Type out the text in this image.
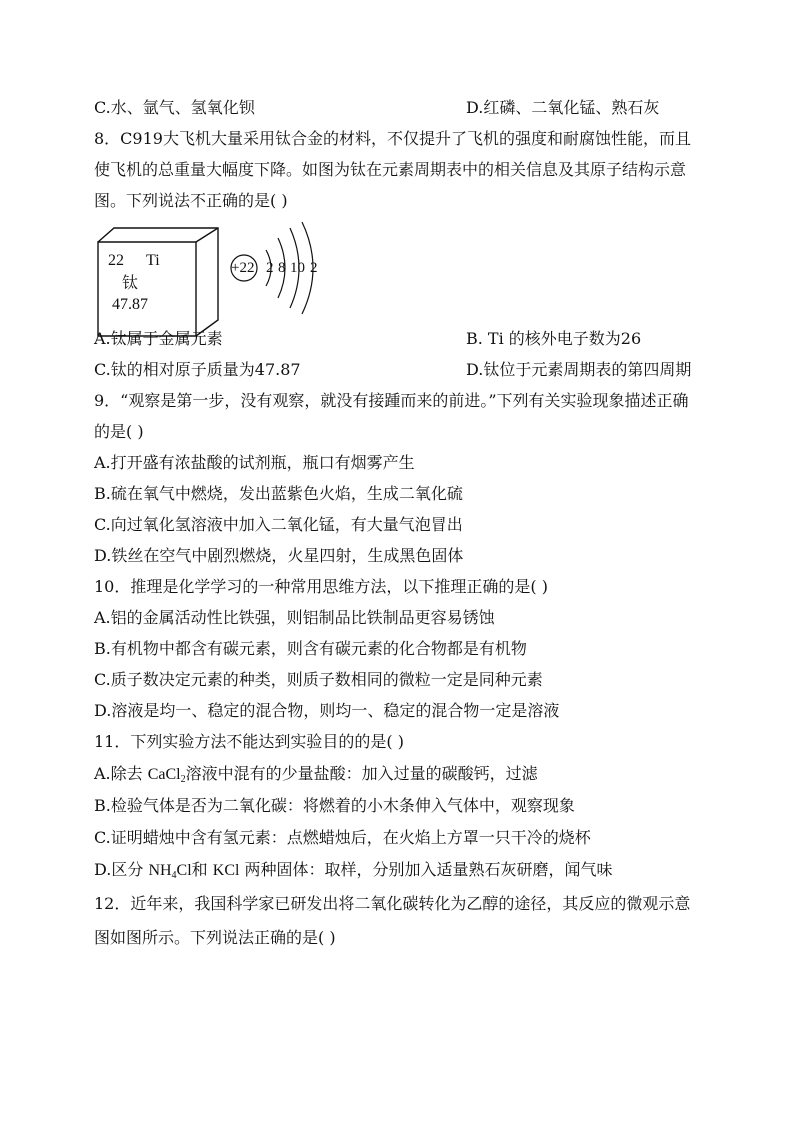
C.水、氩气、氢氧化钡	D.红磷、二氧化锰、熟石灰

8．C919大飞机大量采用钛合金的材料，不仅提升了飞机的强度和耐腐蚀性能，而且

使飞机的总重量大幅度下降。如图为钛在元素周期表中的相关信息及其原子结构示意

图。下列说法不正确的是( )

22 Ti
钛
47.87
+22 2 8 10 2

A.钛属于金属元素	B. Ti 的核外电子数为26

C.钛的相对原子质量为47.87	D.钛位于元素周期表的第四周期

9．“观察是第一步，没有观察，就没有接踵而来的前进。”下列有关实验现象描述正确

的是( )

A.打开盛有浓盐酸的试剂瓶，瓶口有烟雾产生

B.硫在氧气中燃烧，发出蓝紫色火焰，生成二氧化硫

C.向过氧化氢溶液中加入二氧化锰，有大量气泡冒出

D.铁丝在空气中剧烈燃烧，火星四射，生成黑色固体

10．推理是化学学习的一种常用思维方法，以下推理正确的是( )

A.铝的金属活动性比铁强，则铝制品比铁制品更容易锈蚀

B.有机物中都含有碳元素，则含有碳元素的化合物都是有机物

C.质子数决定元素的种类，则质子数相同的微粒一定是同种元素

D.溶液是均一、稳定的混合物，则均一、稳定的混合物一定是溶液

11．下列实验方法不能达到实验目的的是( )

A.除去 CaCl$_2$溶液中混有的少量盐酸：加入过量的碳酸钙，过滤

B.检验气体是否为二氧化碳：将燃着的小木条伸入气体中，观察现象

C.证明蜡烛中含有氢元素：点燃蜡烛后，在火焰上方罩一只干冷的烧杯

D.区分 $NH_4Cl$和 KCl 两种固体：取样，分别加入适量熟石灰研磨，闻气味

12．近年来，我国科学家已研发出将二氧化碳转化为乙醇的途径，其反应的微观示意

图如图所示。下列说法正确的是( )
